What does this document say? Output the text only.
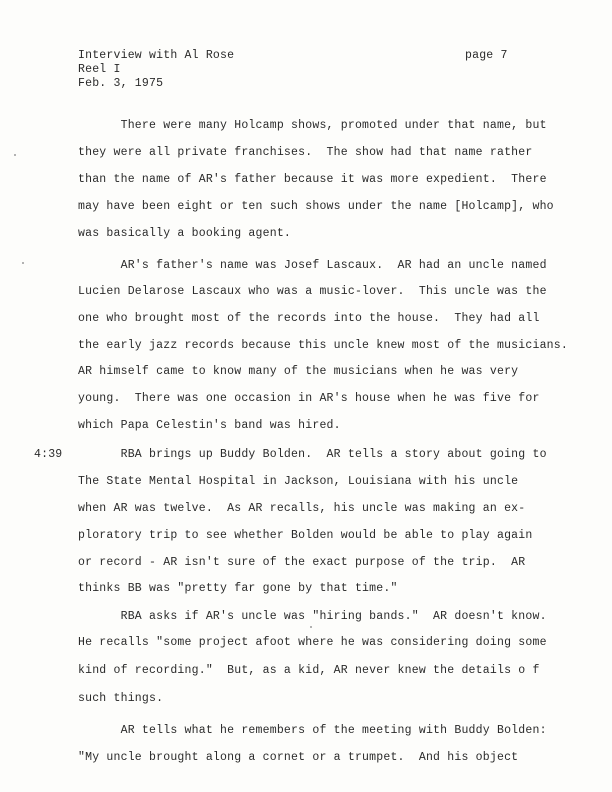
Interview with Al Rose
Reel I
Feb. 3, 1975
page 7
4:39
There were many Holcamp shows, promoted under that name, but
they were all private franchises.  The show had that name rather
than the name of AR's father because it was more expedient.  There
may have been eight or ten such shows under the name [Holcamp], who
was basically a booking agent.
AR's father's name was Josef Lascaux.  AR had an uncle named
Lucien Delarose Lascaux who was a music-lover.  This uncle was the
one who brought most of the records into the house.  They had all
the early jazz records because this uncle knew most of the musicians.
AR himself came to know many of the musicians when he was very
young.  There was one occasion in AR's house when he was five for
which Papa Celestin's band was hired.
RBA brings up Buddy Bolden.  AR tells a story about going to
The State Mental Hospital in Jackson, Louisiana with his uncle
when AR was twelve.  As AR recalls, his uncle was making an ex-
ploratory trip to see whether Bolden would be able to play again
or record - AR isn't sure of the exact purpose of the trip.  AR
thinks BB was "pretty far gone by that time."
RBA asks if AR's uncle was "hiring bands."  AR doesn't know.
He recalls "some project afoot where he was considering doing some
kind of recording."  But, as a kid, AR never knew the details o f
such things.
AR tells what he remembers of the meeting with Buddy Bolden:
"My uncle brought along a cornet or a trumpet.  And his object
